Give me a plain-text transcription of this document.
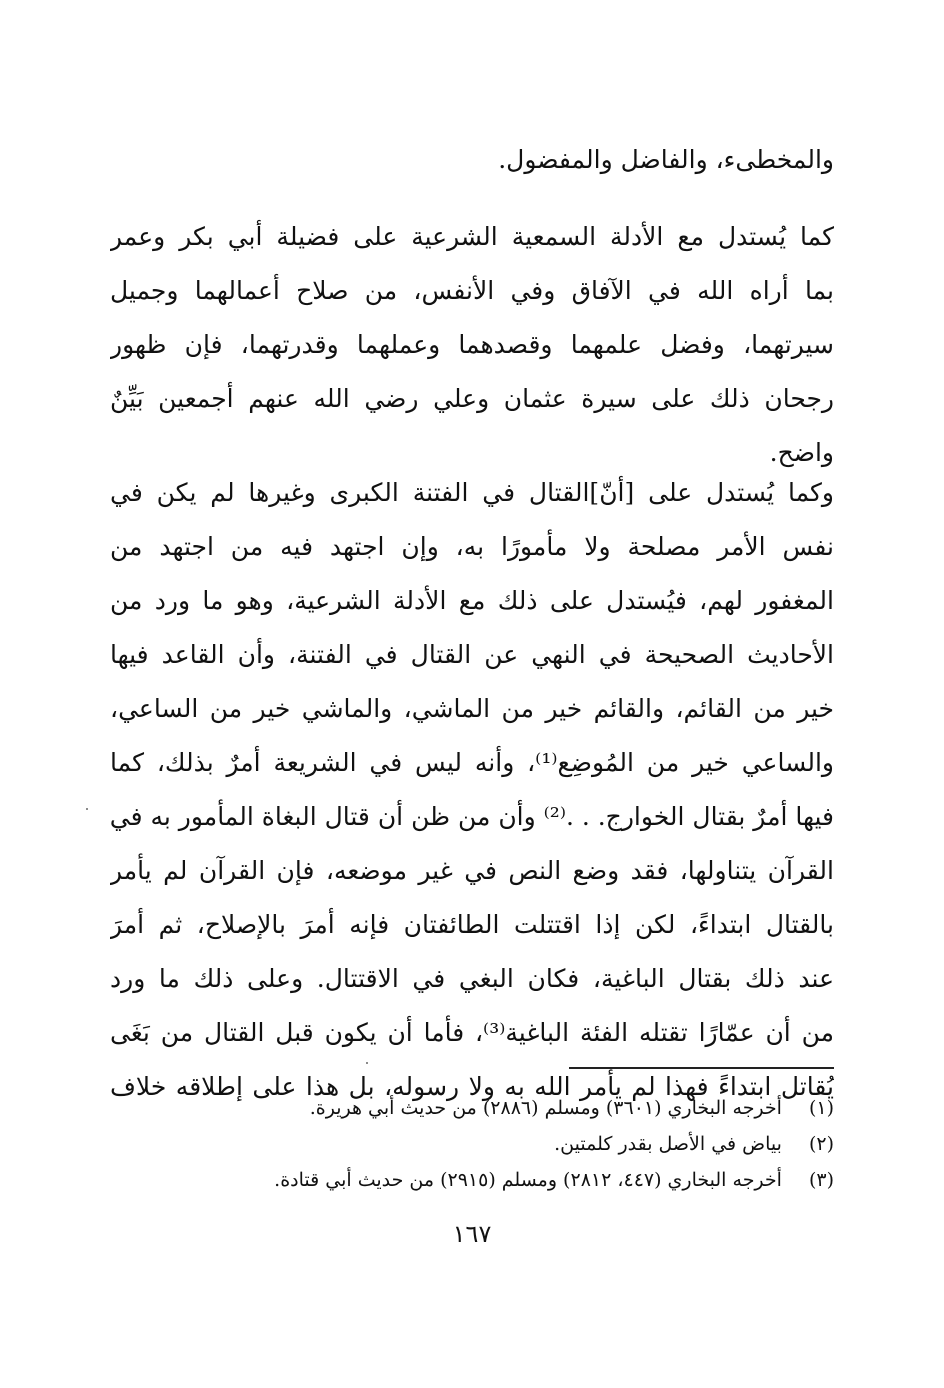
والمخطىء، والفاضل والمفضول.
كما يُستدل مع الأدلة السمعية الشرعية على فضيلة أبي بكر وعمر
بما أراه الله في الآفاق وفي الأنفس، من صلاح أعمالهما وجميل
سيرتهما، وفضل علمهما وقصدهما وعملهما وقدرتهما، فإن ظهور
رجحان ذلك على سيرة عثمان وعلي رضي الله عنهم أجمعين بَيِّنٌ
واضح.
وكما يُستدل على [أنّ]القتال في الفتنة الكبرى وغيرها لم يكن في
نفس الأمر مصلحة ولا مأمورًا به، وإن اجتهد فيه من اجتهد من
المغفور لهم، فيُستدل على ذلك مع الأدلة الشرعية، وهو ما ورد من
الأحاديث الصحيحة في النهي عن القتال في الفتنة، وأن القاعد فيها
خير من القائم، والقائم خير من الماشي، والماشي خير من الساعي،
والساعي خير من المُوضِع⁽¹⁾، وأنه ليس في الشريعة أمرٌ بذلك، كما
فيها أمرٌ بقتال الخوارج. . .⁽²⁾ وأن من ظن أن قتال البغاة المأمور به في
القرآن يتناولها، فقد وضع النص في غير موضعه، فإن القرآن لم يأمر
بالقتال ابتداءً، لكن إذا اقتتلت الطائفتان فإنه أمرَ بالإصلاح، ثم أمرَ
عند ذلك بقتال الباغية، فكان البغي في الاقتتال. وعلى ذلك ما ورد
من أن عمّارًا تقتله الفئة الباغية⁽³⁾، فأما أن يكون قبل القتال من بَغَى
يُقاتل ابتداءً فهذا لم يأمر الله به ولا رسوله، بل هذا على إطلاقه خلاف
(١) أخرجه البخاري (٣٦٠١) ومسلم (٢٨٨٦) من حديث أبي هريرة.
(٢) بياض في الأصل بقدر كلمتين.
(٣) أخرجه البخاري (٤٤٧، ٢٨١٢) ومسلم (٢٩١٥) من حديث أبي قتادة.
١٦٧
